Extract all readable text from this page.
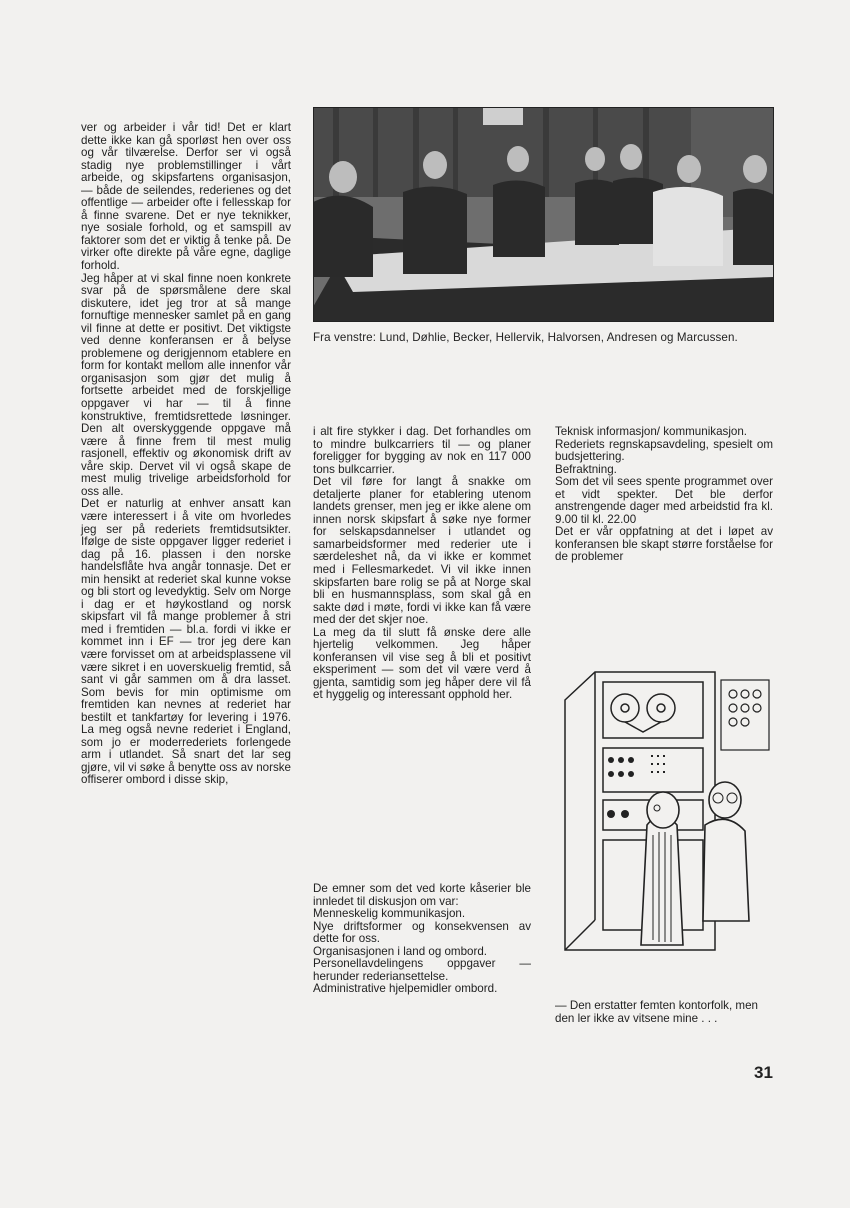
ver og arbeider i vår tid! Det er klart dette ikke kan gå sporløst hen over oss og vår tilværelse. Derfor ser vi også stadig nye problemstillinger i vårt arbeide, og skipsfartens organisasjon, — både de seilendes, rederienes og det offentlige — arbeider ofte i fellesskap for å finne svarene. Det er nye teknikker, nye sosiale forhold, og et samspill av faktorer som det er viktig å tenke på. De virker ofte direkte på våre egne, daglige forhold.

Jeg håper at vi skal finne noen konkrete svar på de spørsmålene dere skal diskutere, idet jeg tror at så mange fornuftige mennesker samlet på en gang vil finne at dette er positivt. Det viktigste ved denne konferansen er å belyse problemene og derigjennom etablere en form for kontakt mellom alle innenfor vår organisasjon som gjør det mulig å fortsette arbeidet med de forskjellige oppgaver vi har — til å finne konstruktive, fremtidsrettede løsninger. Den alt overskyggende oppgave må være å finne frem til mest mulig rasjonell, effektiv og økonomisk drift av våre skip. Dervet vil vi også skape de mest mulig trivelige arbeidsforhold for oss alle.

Det er naturlig at enhver ansatt kan være interessert i å vite om hvorledes jeg ser på rederiets fremtidsutsikter. Ifølge de siste oppgaver ligger rederiet i dag på 16. plassen i den norske handelsflåte hva angår tonnasje. Det er min hensikt at rederiet skal kunne vokse og bli stort og levedyktig. Selv om Norge i dag er et høykostland og norsk skipsfart vil få mange problemer å stri med i fremtiden — bl.a. fordi vi ikke er kommet inn i EF — tror jeg dere kan være forvisset om at arbeidsplassene vil være sikret i en uoverskuelig fremtid, så sant vi går sammen om å dra lasset. Som bevis for min optimisme om fremtiden kan nevnes at rederiet har bestilt et tankfartøy for levering i 1976. La meg også nevne rederiet i England, som jo er moderrederiets forlengede arm i utlandet. Så snart det lar seg gjøre, vil vi søke å benytte oss av norske offiserer ombord i disse skip,

Fra venstre: Lund, Døhlie, Becker, Hellervik, Halvorsen, Andresen og Marcussen.

i alt fire stykker i dag. Det forhandles om to mindre bulkcarriers til — og planer foreligger for bygging av nok en 117 000 tons bulkcarrier.

Det vil føre for langt å snakke om detaljerte planer for etablering utenom landets grenser, men jeg er ikke alene om innen norsk skipsfart å søke nye former for selskapsdannelser i utlandet og samarbeidsformer med rederier ute i særdeleshet nå, da vi ikke er kommet med i Fellesmarkedet. Vi vil ikke innen skipsfarten bare rolig se på at Norge skal bli en husmannsplass, som skal gå en sakte død i møte, fordi vi ikke kan få være med der det skjer noe.

La meg da til slutt få ønske dere alle hjertelig velkommen. Jeg håper konferansen vil vise seg å bli et positivt eksperiment — som det vil være verd å gjenta, samtidig som jeg håper dere vil få et hyggelig og interessant opphold her.

De emner som det ved korte kåserier ble innledet til diskusjon om var:

Menneskelig kommunikasjon.

Nye driftsformer og konsekvensen av dette for oss.

Organisasjonen i land og ombord.

Personellavdelingens oppgaver — herunder rederiansettelse.

Administrative hjelpemidler ombord.

Teknisk informasjon/ kommunikasjon.

Rederiets regnskapsavdeling, spesielt om budsjettering.

Befraktning.

Som det vil sees spente programmet over et vidt spekter. Det ble derfor anstrengende dager med arbeidstid fra kl. 9.00 til kl. 22.00

Det er vår oppfatning at det i løpet av konferansen ble skapt større forståelse for de problemer

— Den erstatter femten kontorfolk, men den ler ikke av vitsene mine . . .
31
